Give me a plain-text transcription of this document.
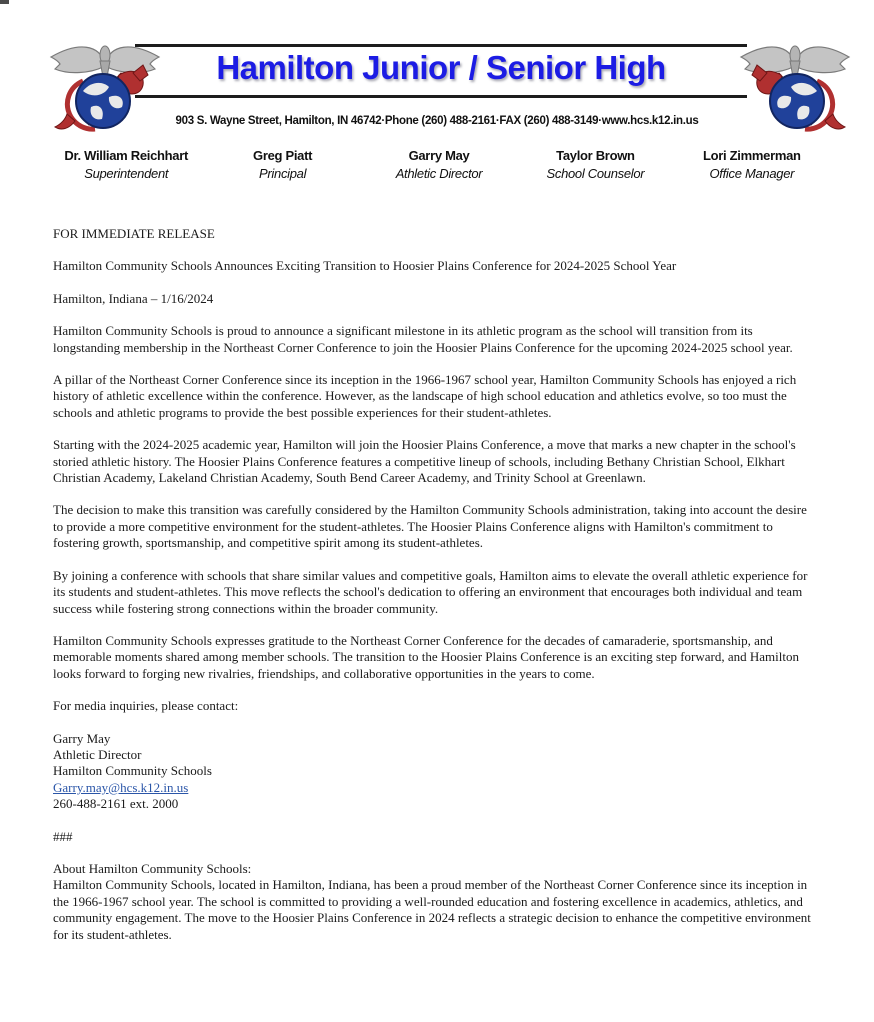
Hamilton Junior / Senior High
903 S. Wayne Street, Hamilton, IN 46742·Phone (260) 488-2161·FAX (260) 488-3149·www.hcs.k12.in.us
Dr. William Reichhart
Superintendent
Greg Piatt
Principal
Garry May
Athletic Director
Taylor Brown
School Counselor
Lori Zimmerman
Office Manager

FOR IMMEDIATE RELEASE

Hamilton Community Schools Announces Exciting Transition to Hoosier Plains Conference for 2024-2025 School Year

Hamilton, Indiana – 1/16/2024

Hamilton Community Schools is proud to announce a significant milestone in its athletic program as the school will transition from its longstanding membership in the Northeast Corner Conference to join the Hoosier Plains Conference for the upcoming 2024-2025 school year.

A pillar of the Northeast Corner Conference since its inception in the 1966-1967 school year, Hamilton Community Schools has enjoyed a rich history of athletic excellence within the conference. However, as the landscape of high school education and athletics evolve, so too must the schools and athletic programs to provide the best possible experiences for their student-athletes.

Starting with the 2024-2025 academic year, Hamilton will join the Hoosier Plains Conference, a move that marks a new chapter in the school's storied athletic history. The Hoosier Plains Conference features a competitive lineup of schools, including Bethany Christian School, Elkhart Christian Academy, Lakeland Christian Academy, South Bend Career Academy, and Trinity School at Greenlawn.

The decision to make this transition was carefully considered by the Hamilton Community Schools administration, taking into account the desire to provide a more competitive environment for the student-athletes. The Hoosier Plains Conference aligns with Hamilton's commitment to fostering growth, sportsmanship, and competitive spirit among its student-athletes.

By joining a conference with schools that share similar values and competitive goals, Hamilton aims to elevate the overall athletic experience for its students and student-athletes. This move reflects the school's dedication to offering an environment that encourages both individual and team success while fostering strong connections within the broader community.

Hamilton Community Schools expresses gratitude to the Northeast Corner Conference for the decades of camaraderie, sportsmanship, and memorable moments shared among member schools. The transition to the Hoosier Plains Conference is an exciting step forward, and Hamilton looks forward to forging new rivalries, friendships, and collaborative opportunities in the years to come.

For media inquiries, please contact:

Garry May
Athletic Director
Hamilton Community Schools
Garry.may@hcs.k12.in.us
260-488-2161 ext. 2000

###

About Hamilton Community Schools:
Hamilton Community Schools, located in Hamilton, Indiana, has been a proud member of the Northeast Corner Conference since its inception in the 1966-1967 school year. The school is committed to providing a well-rounded education and fostering excellence in academics, athletics, and community engagement. The move to the Hoosier Plains Conference in 2024 reflects a strategic decision to enhance the competitive environment for its student-athletes.
